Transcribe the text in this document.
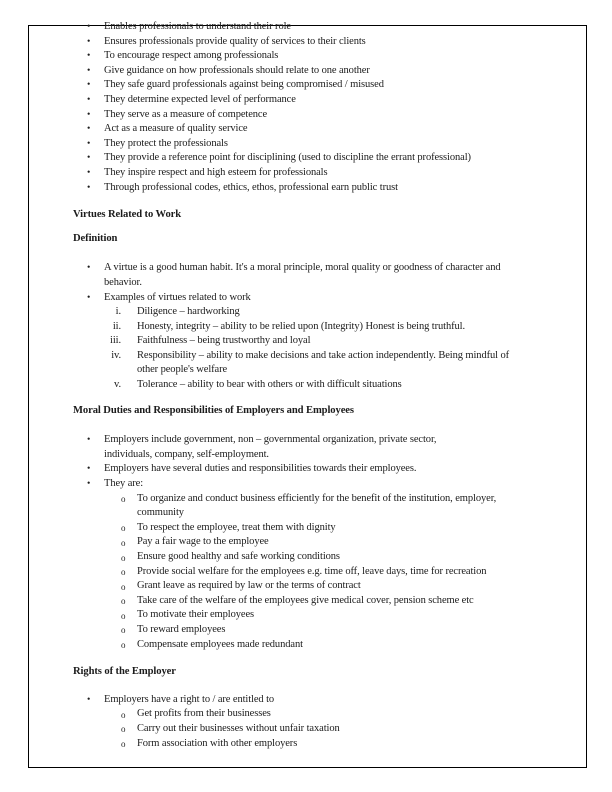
• Enables professionals to understand their role
• Ensures professionals provide quality of services to their clients
• To encourage respect among professionals
• Give guidance on how professionals should relate to one another
• They safe guard professionals against being compromised / misused
• They determine expected level of performance
• They serve as a measure of competence
• Act as a measure of quality service
• They protect the professionals
• They provide a reference point for disciplining (used to discipline the errant professional)
• They inspire respect and high esteem for professionals
• Through professional codes, ethics, ethos, professional earn public trust
Virtues Related to Work
Definition
• A virtue is a good human habit. It's a moral principle, moral quality or goodness of character and behavior.
• Examples of virtues related to work
i. Diligence – hardworking
ii. Honesty, integrity – ability to be relied upon (Integrity) Honest is being truthful.
iii. Faithfulness – being trustworthy and loyal
iv. Responsibility – ability to make decisions and take action independently. Being mindful of other people's welfare
v. Tolerance – ability to bear with others or with difficult situations
Moral Duties and Responsibilities of Employers and Employees
• Employers include government, non – governmental organization, private sector, individuals, company, self-employment.
• Employers have several duties and responsibilities towards their employees.
• They are:
o To organize and conduct business efficiently for the benefit of the institution, employer, community
o To respect the employee, treat them with dignity
o Pay a fair wage to the employee
o Ensure good healthy and safe working conditions
o Provide social welfare for the employees e.g. time off, leave days, time for recreation
o Grant leave as required by law or the terms of contract
o Take care of the welfare of the employees give medical cover, pension scheme etc
o To motivate their employees
o To reward employees
o Compensate employees made redundant
Rights of the Employer
• Employers have a right to / are entitled to
o Get profits from their businesses
o Carry out their businesses without unfair taxation
o Form association with other employers
